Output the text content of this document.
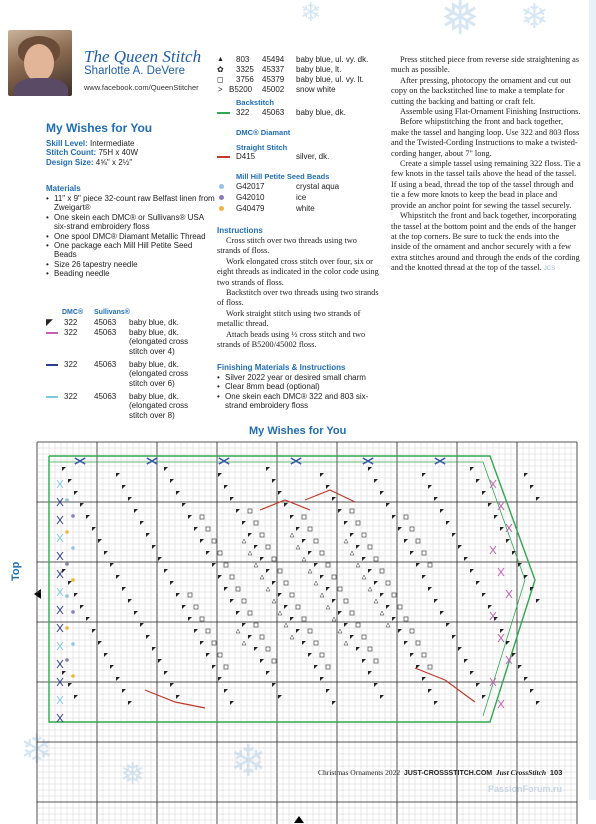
❄ ❅ ❄
❄
❅ ❄
The Queen Stitch
Sharlotte A. DeVere
www.facebook.com/QueenStitcher
My Wishes for You
Skill Level: Intermediate
Stitch Count: 75H x 40W
Design Size: 4⅝" x 2½"
Materials
• 11" x 9" piece 32-count raw Belfast linen from Zweigart®
• One skein each DMC® or Sullivans® USA six-strand embroidery floss
• One spool DMC® Diamant Metallic Thread
• One package each Mill Hill Petite Seed Beads
• Size 26 tapestry needle
• Beading needle
DMC® Sullivans®
◤ 322 45063 baby blue, dk.
322 45063 baby blue, dk. (elongated cross stitch over 4)
322 45063 baby blue, dk. (elongated cross stitch over 6)
322 45063 baby blue, dk. (elongated cross stitch over 8)
▲ 803 45494 baby blue, ul. vy. dk.
✿ 3325 45337 baby blue, lt.
◻ 3756 45379 baby blue, ul. vy. lt.
> B5200 45002 snow white
Backstitch
322 45063 baby blue, dk.
DMC® Diamant
Straight Stitch
D415	silver, dk.
Mill Hill Petite Seed Beads
G42017	crystal aqua
G42010	ice
G40479	white
Instructions
Cross stitch over two threads using two strands of floss.
Work elongated cross stitch over four, six or eight threads as indicated in the color code using two strands of floss.
Backstitch over two threads using two strands of floss.
Work straight stitch using two strands of metallic thread.
Attach beads using ½ cross stitch and two strands of B5200/45002 floss.
Finishing Materials & Instructions
• Silver 2022 year or desired small charm
• Clear 8mm bead (optional)
• One skein each DMC® 322 and 803 six-strand embroidery floss
Press stitched piece from reverse side straightening as much as possible.
After pressing, photocopy the ornament and cut out copy on the backstitched line to make a template for cutting the backing and batting or craft felt.
Assemble using Flat-Ornament Finishing Instructions.
Before whipstitching the front and back together, make the tassel and hanging loop. Use 322 and 803 floss and the Twisted-Cording Instructions to make a twisted-cording hanger, about 7" long.
Create a simple tassel using remaining 322 floss. Tie a few knots in the tassel tails above the head of the tassel. If using a bead, thread the top of the tassel through and tie a few more knots to keep the bead in place and provide an anchor point for sewing the tassel securely.
Whipstitch the front and back together, incorporating the tassel at the bottom point and the ends of the hanger at the top corners. Be sure to tuck the ends into the inside of the ornament and anchor securely with a few extra stitches around and through the ends of the cording and the knotted thread at the top of the tassel. JCS
My Wishes for You
Top
Christmas Ornaments 2022 JUST-CROSSSTITCH.COM Just CrossStitch 103
PassionForum.ru
